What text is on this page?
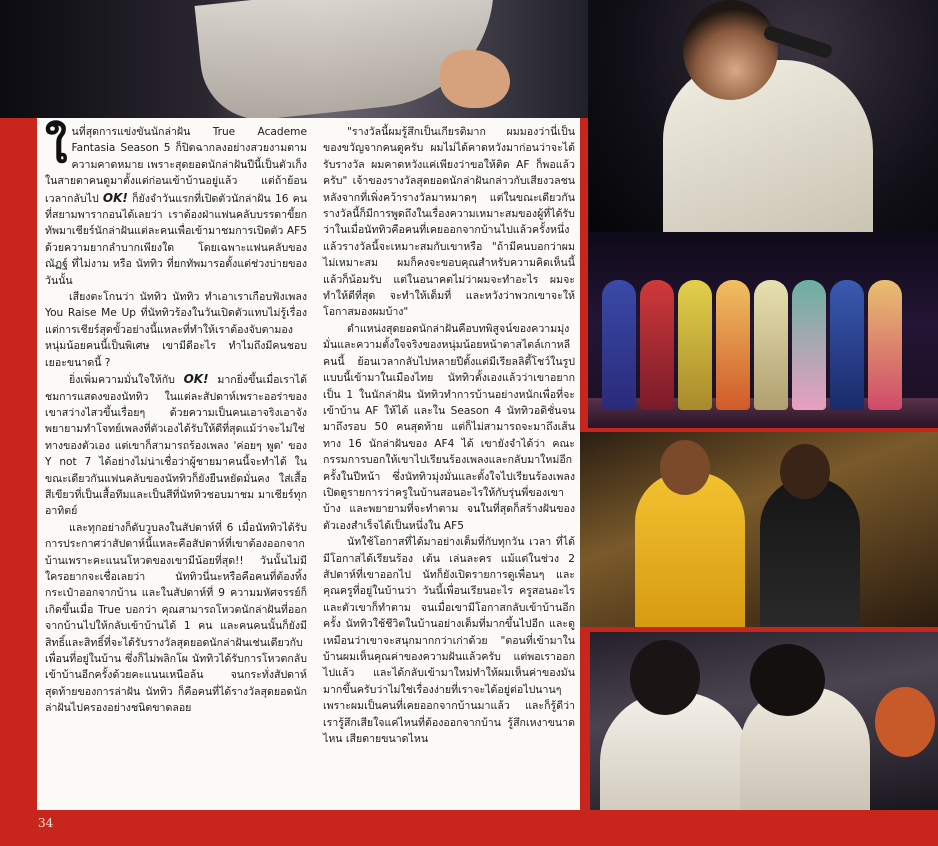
ในที่สุดการแข่งขันนักล่าฝัน True Academe Fantasia Season 5 ก็ปิดฉากลงอย่างสวยงามตามความคาดหมาย เพราะสุดยอดนักล่าฝันปีนี้เป็นตัวเก็งในสายตาคนดูมาตั้งแต่ก่อนเข้าบ้านอยู่แล้ว แต่ถ้าย้อนเวลากลับไป OK! ก็ยังจำวันแรกที่เปิดตัวนักล่าฝัน 16 คนที่สยามพารากอนได้เลยว่า เราต้องฝ่าแฟนคลับบรรดาขี้ยกทัพมาเชียร์นักล่าฝันแต่ละคนเพื่อเข้ามาชมการเปิดตัว AF5 ด้วยความยากลำบากเพียงใด โดยเฉพาะแฟนคลับของณัฏฐ์ ที่ไม่งาม หรือ นัททิว ที่ยกทัพมารอตั้งแต่ช่วงบ่ายของวันนั้น

เสียงตะโกนว่า นัททิว นัททิว ทำเอาเราเกือบฟังเพลง You Raise Me Up ที่นัททิวร้องในวันเปิดตัวแทบไม่รู้เรื่อง แต่การเชียร์สุดขั้วอย่างนี้แหละที่ทำให้เราต้องจับตามองหนุ่มน้อยคนนี้เป็นพิเศษ เขามีดีอะไร ทำไมถึงมีคนชอบเยอะขนาดนี้ ?

ยิ่งเพิ่มความมั่นใจให้กับ OK! มากยิ่งขึ้นเมื่อเราได้ชมการแสดงของนัททิว ในแต่ละสัปดาห์เพราะออร่าของเขาสว่างไสวขึ้นเรื่อยๆ ด้วยความเป็นคนเอาจริงเอาจัง พยายามทำโจทย์เพลงที่ตัวเองได้รับให้ดีที่สุดแม้ว่าจะไม่ใช่ทางของตัวเอง แต่เขาก็สามารถร้องเพลง 'ค่อยๆ พูด' ของ Y not 7 ได้อย่างไม่น่าเชื่อว่าผู้ชายมาคนนี้จะทำได้ ในขณะเดียวกันแฟนคลับของนัททิวก็ยังยืนหยัดมั่นคง ใส่เสื้อสีเขียวที่เป็นเสื้อทีมและเป็นสีที่นัททิวชอบมาชม มาเชียร์ทุกอาทิตย์

และทุกอย่างก็ดับวูบลงในสัปดาห์ที่ 6 เมื่อนัททิวได้รับการประกาศว่าสัปดาห์นี้แหละคือสัปดาห์ที่เขาต้องออกจากบ้านเพราะคะแนนโหวตของเขามีน้อยที่สุด!! วันนั้นไม่มีใครอยากจะเชื่อเลยว่า นัททิวนี่นะหรือคือคนที่ต้องทิ้งกระเป๋าออกจากบ้าน และในสัปดาห์ที่ 9 ความมหัศจรรย์ก็เกิดขึ้นเมื่อ True บอกว่า คุณสามารถโหวตนักล่าฝันที่ออกจากบ้านไปให้กลับเข้าบ้านได้ 1 คน และคนคนนั้นก็ยังมีสิทธิ์และสิทธิ์ที่จะได้รับรางวัลสุดยอดนักล่าฝันเช่นเดียวกับเพื่อนที่อยู่ในบ้าน ซึ่งก็ไม่พลิกโผ นัททิวได้รับการโหวตกลับเข้าบ้านอีกครั้งด้วยคะแนนเหนือล้น จนกระทั่งสัปดาห์สุดท้ายของการล่าฝัน นัททิว ก็คือคนที่ได้รางวัลสุดยอดนักล่าฝันไปครองอย่างชนิดขาดลอย

"รางวัลนี้ผมรู้สึกเป็นเกียรติมาก ผมมองว่านี่เป็นของขวัญจากคนดูครับ ผมไม่ได้คาดหวังมาก่อนว่าจะได้รับรางวัล ผมคาดหวังแค่เพียงว่าขอให้ติด AF ก็พอแล้วครับ" เจ้าของรางวัลสุดยอดนักล่าฝันกล่าวกับเสียงวลชนหลังจากที่เพิ่งคว้ารางวัลมาหมาดๆ แต่ในขณะเดียวกันรางวัลนี้ก็มีการพูดถึงในเรื่องความเหมาะสมของผู้ที่ได้รับว่าในเมื่อนัททิวคือคนที่เคยออกจากบ้านไปแล้วครั้งหนึ่งแล้วรางวัลนี้จะเหมาะสมกับเขาหรือ "ถ้ามีคนบอกว่าผมไม่เหมาะสม ผมก็คงจะขอบคุณสำหรับความคิดเห็นนี้แล้วก็น้อมรับ แต่ในอนาคตไม่ว่าผมจะทำอะไร ผมจะทำให้ดีที่สุด จะทำให้เต็มที่ และหวังว่าพวกเขาจะให้โอกาสมองผมบ้าง"

ตำแหน่งสุดยอดนักล่าฝันคือบทพิสูจน์ของความมุ่งมั่นและความตั้งใจจริงของหนุ่มน้อยหน้าตาสไตล์เกาหลีคนนี้ ย้อนเวลากลับไปหลายปีตั้งแต่มีเรียลลิตี้โชว์ในรูปแบบนี้เข้ามาในเมืองไทย นัททิวตั้งเองแล้วว่าเขาอยากเป็น 1 ในนักล่าฝัน นัททิวทำการบ้านอย่างหนักเพื่อที่จะเข้าบ้าน AF ให้ได้ และใน Season 4 นัททิวอดิชั่นจนมาถึงรอบ 50 คนสุดท้าย แต่ก็ไม่สามารถจะมาถึงเส้นทาง 16 นักล่าฝันของ AF4 ได้ เขายังจำได้ว่า คณะกรรมการบอกให้เขาไปเรียนร้องเพลงและกลับมาใหม่อีกครั้งในปีหน้า ซึ่งนัททิวมุ่งมั่นและตั้งใจไปเรียนร้องเพลง เปิดดูรายการว่าครูในบ้านสอนอะไรให้กับรุ่นพี่ของเขาบ้าง และพยายามที่จะทำตาม จนในที่สุดก็สร้างฝันของตัวเองสำเร็จได้เป็นหนึ่งใน AF5

นัทใช้โอกาสที่ได้มาอย่างเต็มที่กับทุกวัน เวลา ที่ได้มีโอกาสได้เรียนร้อง เต้น เล่นละคร แม้แต่ในช่วง 2 สัปดาห์ที่เขาออกไป นัทก็ยังเปิดรายการดูเพื่อนๆ และคุณครูที่อยู่ในบ้านว่า วันนี้เพื่อนเรียนอะไร ครูสอนอะไร และตัวเขาก็ทำตาม จนเมื่อเขามีโอกาสกลับเข้าบ้านอีกครั้ง นัททิวใช้ชีวิตในบ้านอย่างเต็มที่มากขึ้นไปอีก และดูเหมือนว่าเขาจะสนุกมากกว่าเก่าด้วย "ตอนที่เข้ามาในบ้านผมเห็นคุณค่าของความฝันแล้วครับ แต่พอเราออกไปแล้ว และได้กลับเข้ามาใหม่ทำให้ผมเห็นค่าของมันมากขึ้นครับว่าไม่ใช่เรื่องง่ายที่เราจะได้อยู่ต่อไปนานๆ เพราะผมเป็นคนที่เคยออกจากบ้านมาแล้ว และก็รู้ดีว่าเรารู้สึกเสียใจแค่ไหนที่ต้องออกจากบ้าน รู้สึกเหงาขนาดไหน เสียดายขนาดไหน

34
